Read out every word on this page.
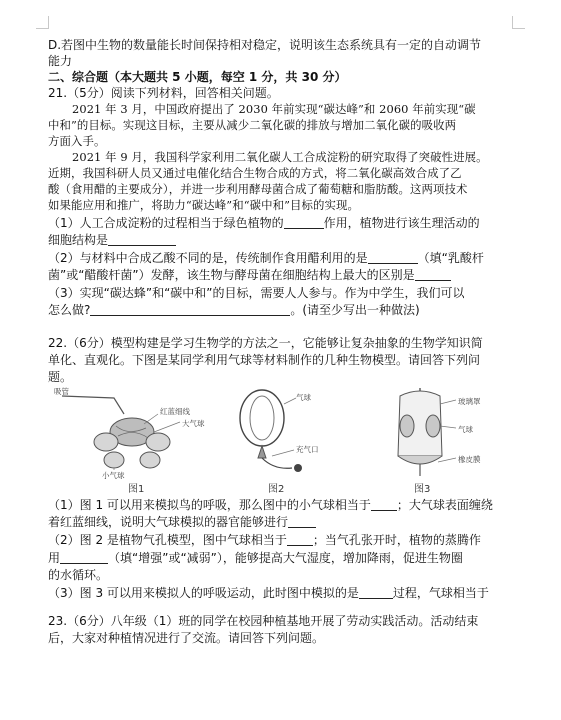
D.若图中生物的数量能长时间保持相对稳定，说明该生态系统具有一定的自动调节
能力
二、综合题（本大题共 5 小题，每空 1 分，共 30 分）
21.（5分）阅读下列材料，回答相关问题。
2021 年 3 月，中国政府提出了 2030 年前实现“碳达峰”和 2060 年前实现“碳
中和”的目标。实现这目标，主要从减少二氧化碳的排放与增加二氧化碳的吸收两
方面入手。
2021 年 9 月，我国科学家利用二氧化碳人工合成淀粉的研究取得了突破性进展。
近期，我国科研人员又通过电催化结合生物合成的方式，将二氧化碳高效合成了乙
酸（食用醋的主要成分），并进一步利用酵母菌合成了葡萄糖和脂肪酸。这两项技术
如果能应用和推广，将助力“碳达峰”和“碳中和”目标的实现。
（1）人工合成淀粉的过程相当于绿色植物的	作用，植物进行该生理活动的
细胞结构是
（2）与材料中合成乙酸不同的是，传统制作食用醋利用的是	（填“乳酸杆
菌”或“醋酸杆菌”）发酵，该生物与酵母菌在细胞结构上最大的区别是
（3）实现“碳达蜂”和“碳中和”的目标，需要人人参与。作为中学生，我们可以
怎么做?	。(请至少写出一种做法)
22.（6分）模型构建是学习生物学的方法之一，它能够让复杂抽象的生物学知识简
单化、直观化。下图是某同学利用气球等材料制作的几种生物模型。请回答下列问
题。
吸管
红蓝细线
大气球
小气球
图1
气球
充气口
图2
玻璃罩
气球
橡皮膜
图3
（1）图 1 可以用来模拟鸟的呼吸，那么图中的小气球相当于 ；大气球表面缠绕
着红蓝细线，说明大气球模拟的器官能够进行
（2）图 2 是植物气孔模型，图中气球相当于 ；当气孔张开时，植物的蒸腾作
用	（填“增强”或“减弱”），能够提高大气湿度，增加降雨，促进生物圈
的水循环。
（3）图 3 可以用来模拟人的呼吸运动，此时图中模拟的是	过程，气球相当于
23.（6分）八年级（1）班的同学在校园种植基地开展了劳动实践活动。活动结束
后，大家对种植情况进行了交流。请回答下列问题。
